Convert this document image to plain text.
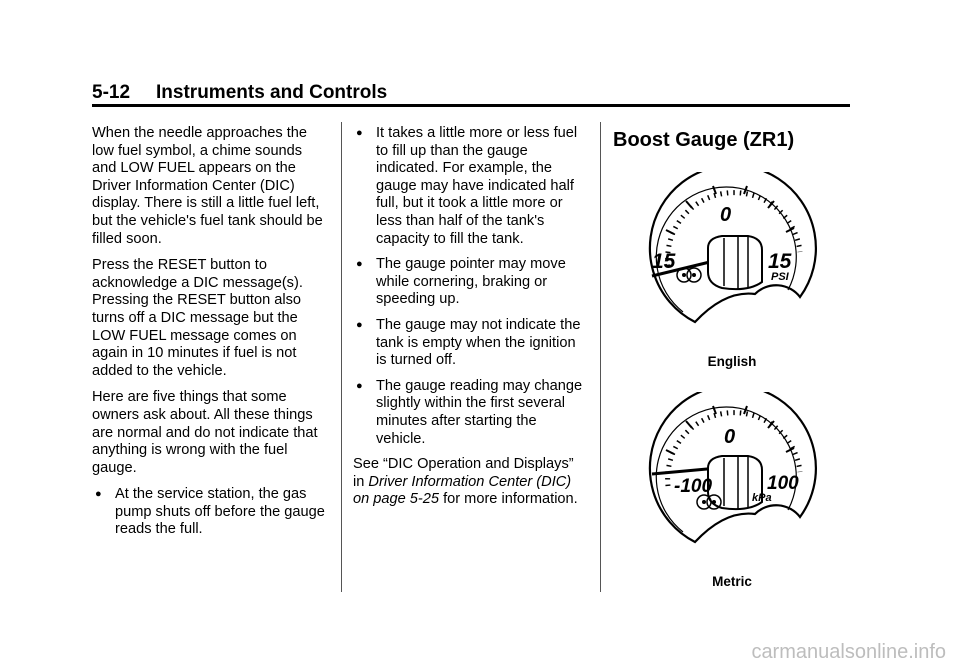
5-12 Instruments and Controls

When the needle approaches the low fuel symbol, a chime sounds and LOW FUEL appears on the Driver Information Center (DIC) display. There is still a little fuel left, but the vehicle's fuel tank should be filled soon.

Press the RESET button to acknowledge a DIC message(s). Pressing the RESET button also turns off a DIC message but the LOW FUEL message comes on again in 10 minutes if fuel is not added to the vehicle.

Here are five things that some owners ask about. All these things are normal and do not indicate that anything is wrong with the fuel gauge.

● At the service station, the gas pump shuts off before the gauge reads the full.
● It takes a little more or less fuel to fill up than the gauge indicated. For example, the gauge may have indicated half full, but it took a little more or less than half of the tank's capacity to fill the tank.
● The gauge pointer may move while cornering, braking or speeding up.
● The gauge may not indicate the tank is empty when the ignition is turned off.
● The gauge reading may change slightly within the first several minutes after starting the vehicle.

See “DIC Operation and Displays” in Driver Information Center (DIC) on page 5-25 for more information.

Boost Gauge (ZR1)
0
15	15
PSI
English
0
-100	100
kPa
Metric
carmanualsonline.info
